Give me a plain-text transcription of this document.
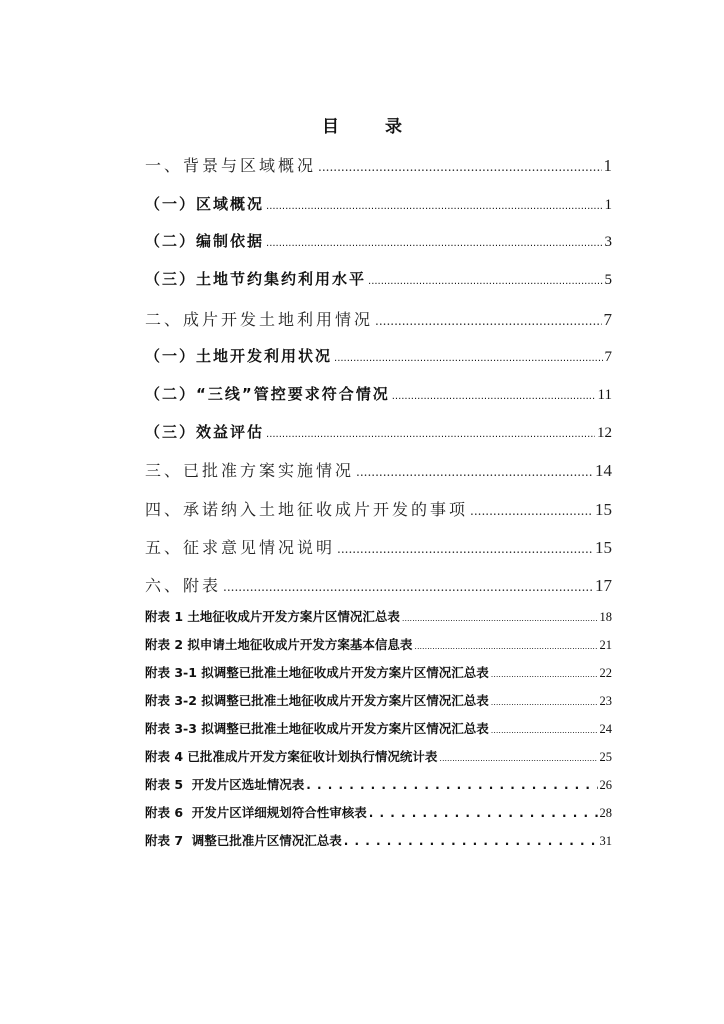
目 录
一、背景与区域概况 .....	1
（一）区域概况 .....	1
（二）编制依据 .....	3
（三）土地节约集约利用水平 .....	5
二、成片开发土地利用情况 .....	7
（一）土地开发利用状况 .....	7
（二）“三线”管控要求符合情况 .....	11
（三）效益评估 .....	12
三、已批准方案实施情况 .....	14
四、承诺纳入土地征收成片开发的事项 .....	15
五、征求意见情况说明 .....	15
六、附表 .....	17
附表 1 土地征收成片开发方案片区情况汇总表 .....	18
附表 2 拟申请土地征收成片开发方案基本信息表 .....	21
附表 3-1 拟调整已批准土地征收成片开发方案片区情况汇总表 .....	22
附表 3-2 拟调整已批准土地征收成片开发方案片区情况汇总表 .....	23
附表 3-3 拟调整已批准土地征收成片开发方案片区情况汇总表 .....	24
附表 4 已批准成片开发方案征收计划执行情况统计表 .....	25
附表 5  开发片区选址情况表 . . .	26
附表 6  开发片区详细规划符合性审核表 . . .	28
附表 7  调整已批准片区情况汇总表 . . .	31
